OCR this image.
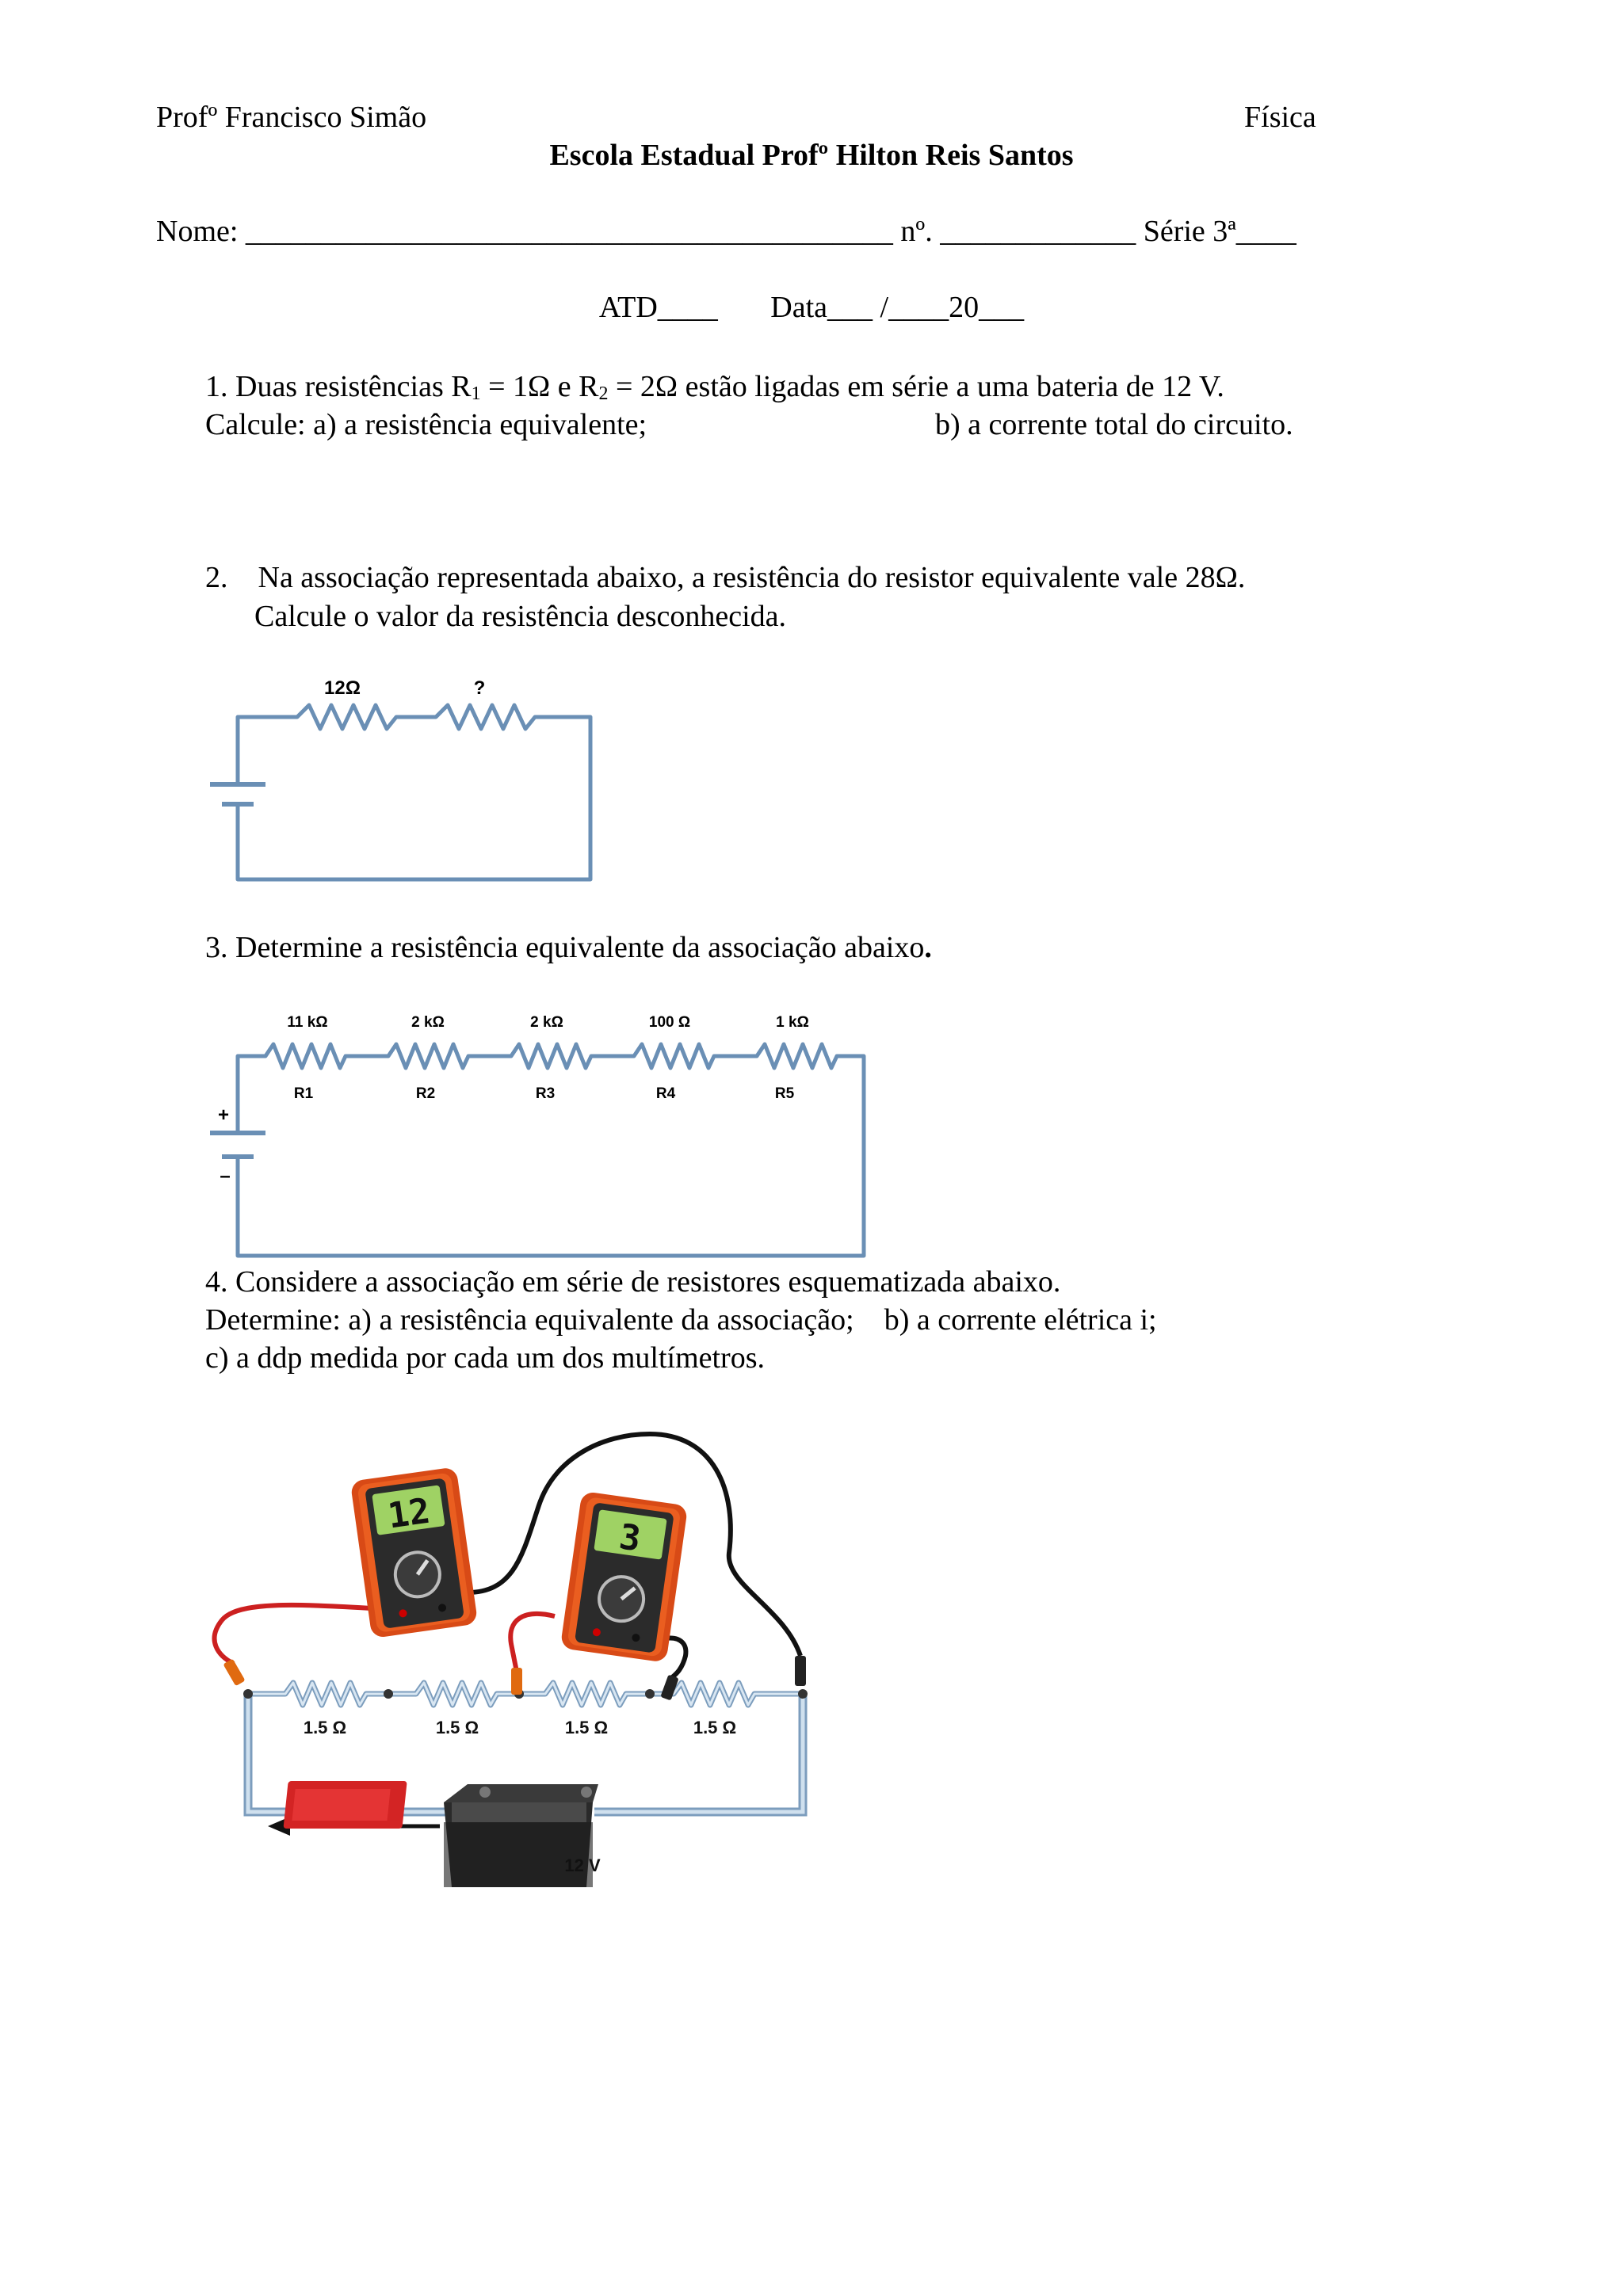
Profº Francisco Simão	Física
Escola Estadual Profº Hilton Reis Santos
Nome: ___________________________________________ nº. _____________ Série 3ª____
ATD____       Data___ /____20___
1. Duas resistências $R_1 = 1\Omega$ e $R_2 = 2\Omega$ estão ligadas em série a uma bateria de 12 V.
Calcule: a) a resistência equivalente;	b) a corrente total do circuito.
2.    Na associação representada abaixo, a resistência do resistor equivalente vale 28Ω.
Calcule o valor da resistência desconhecida.
3. Determine a resistência equivalente da associação abaixo.
4. Considere a associação em série de resistores esquematizada abaixo.
Determine: a) a resistência equivalente da associação;    b) a corrente elétrica i;
c) a ddp medida por cada um dos multímetros.
12Ω	?
+
–
11 kΩ	2 kΩ	2 kΩ	100 Ω	1 kΩ
R1	R2	R3	R4	R5
12
3
1.5 Ω	1.5 Ω	1.5 Ω	1.5 Ω
12 V
